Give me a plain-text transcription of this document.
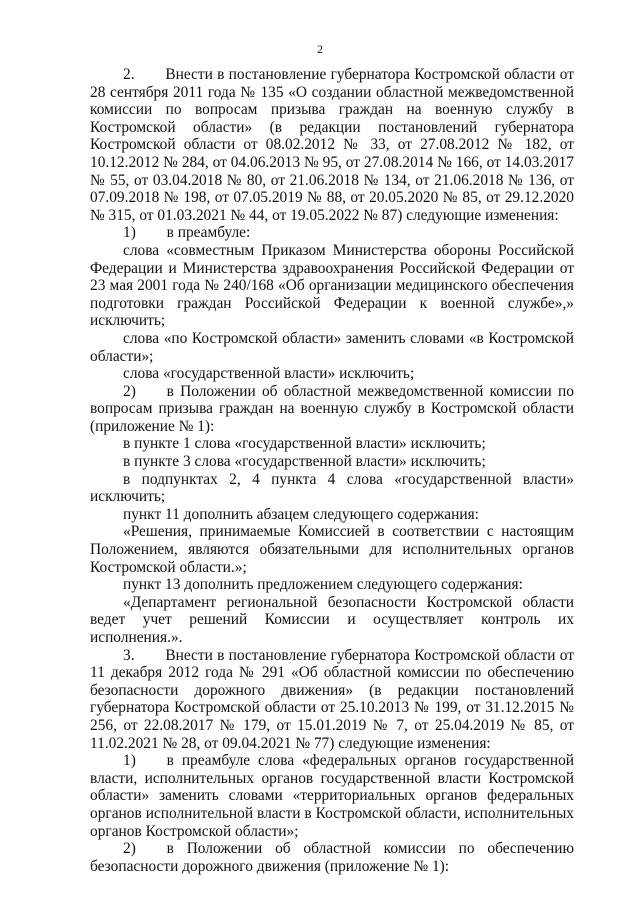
2

2.  Внести в постановление губернатора Костромской области от 28 сентября 2011 года № 135 «О создании областной межведомственной комиссии по вопросам призыва граждан на военную службу в Костромской области» (в редакции постановлений губернатора Костромской области от 08.02.2012 № 33, от 27.08.2012 № 182, от 10.12.2012 № 284, от 04.06.2013 № 95, от 27.08.2014 № 166, от 14.03.2017 № 55, от 03.04.2018 № 80, от 21.06.2018 № 134, от 21.06.2018 № 136, от 07.09.2018 № 198, от 07.05.2019 № 88, от 20.05.2020 № 85, от 29.12.2020 № 315, от 01.03.2021 № 44, от 19.05.2022 № 87) следующие изменения:

1)  в преамбуле:

слова «совместным Приказом Министерства обороны Российской Федерации и Министерства здравоохранения Российской Федерации от 23 мая 2001 года № 240/168 «Об организации медицинского обеспечения подготовки граждан Российской Федерации к военной службе»,» исключить;

слова «по Костромской области» заменить словами «в Костромской области»;

слова «государственной власти» исключить;

2)  в Положении об областной межведомственной комиссии по вопросам призыва граждан на военную службу в Костромской области (приложение № 1):

в пункте 1 слова «государственной власти» исключить;

в пункте 3 слова «государственной власти» исключить;

в подпунктах 2, 4 пункта 4 слова «государственной власти» исключить;

пункт 11 дополнить абзацем следующего содержания:

«Решения, принимаемые Комиссией в соответствии с настоящим Положением, являются обязательными для исполнительных органов Костромской области.»;

пункт 13 дополнить предложением следующего содержания:

«Департамент региональной безопасности Костромской области ведет учет решений Комиссии и осуществляет контроль их исполнения.».

3.  Внести в постановление губернатора Костромской области от 11 декабря 2012 года № 291 «Об областной комиссии по обеспечению безопасности дорожного движения» (в редакции постановлений губернатора Костромской области от 25.10.2013 № 199, от 31.12.2015 № 256, от 22.08.2017 № 179, от 15.01.2019 № 7, от 25.04.2019 № 85, от 11.02.2021 № 28, от 09.04.2021 № 77) следующие изменения:

1)  в преамбуле слова «федеральных органов государственной власти, исполнительных органов государственной власти Костромской области» заменить словами «территориальных органов федеральных органов исполнительной власти в Костромской области, исполнительных органов Костромской области»;

2)  в Положении об областной комиссии по обеспечению безопасности дорожного движения (приложение № 1):
